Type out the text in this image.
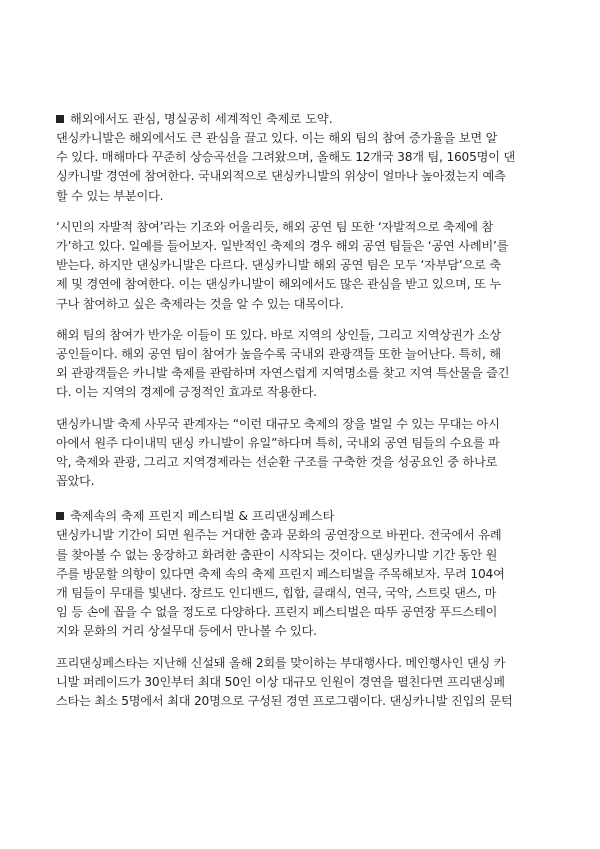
해외에서도 관심, 명실공히 세계적인 축제로 도약.
댄싱카니발은 해외에서도 큰 관심을 끌고 있다. 이는 해외 팀의 참여 증가율을 보면 알
수 있다. 매해마다 꾸준히 상승곡선을 그려왔으며, 올해도 12개국 38개 팀, 1605명이 댄
싱카니발 경연에 참여한다. 국내외적으로 댄싱카니발의 위상이 얼마나 높아졌는지 예측
할 수 있는 부분이다.
‘시민의 자발적 참여’라는 기조와 어울리듯, 해외 공연 팀 또한 ‘자발적으로 축제에 참
가’하고 있다. 일예를 들어보자. 일반적인 축제의 경우 해외 공연 팀들은 ‘공연 사례비’를
받는다. 하지만 댄싱카니발은 다르다. 댄싱카니발 해외 공연 팀은 모두 ‘자부담’으로 축
제 및 경연에 참여한다. 이는 댄싱카니발이 해외에서도 많은 관심을 받고 있으며, 또 누
구나 참여하고 싶은 축제라는 것을 알 수 있는 대목이다.
해외 팀의 참여가 반가운 이들이 또 있다. 바로 지역의 상인들, 그리고 지역상권가 소상
공인들이다. 해외 공연 팀이 참여가 높을수록 국내외 관광객들 또한 늘어난다. 특히, 해
외 관광객들은 카니발 축제를 관람하며 자연스럽게 지역명소를 찾고 지역 특산물을 즐긴
다. 이는 지역의 경제에 긍정적인 효과로 작용한다.
댄싱카니발 축제 사무국 관계자는 “이런 대규모 축제의 장을 벌일 수 있는 무대는 아시
아에서 원주 다이내믹 댄싱 카니발이 유일”하다며 특히, 국내외 공연 팀들의 수요를 파
악, 축제와 관광, 그리고 지역경제라는 선순환 구조를 구축한 것을 성공요인 중 하나로
꼽았다.
축제속의 축제 프린지 페스티벌 & 프리댄싱페스타
댄싱카니발 기간이 되면 원주는 거대한 춤과 문화의 공연장으로 바뀐다. 전국에서 유례
를 찾아볼 수 없는 웅장하고 화려한 춤판이 시작되는 것이다. 댄싱카니발 기간 동안 원
주를 방문할 의향이 있다면 축제 속의 축제 프린지 페스티벌을 주목해보자. 무려 104여
개 팀들이 무대를 빛낸다. 장르도 인디밴드, 힙합, 클래식, 연극, 국악, 스트릿 댄스, 마
임 등 손에 꼽을 수 없을 정도로 다양하다. 프린지 페스티벌은 따뚜 공연장 푸드스테이
지와 문화의 거리 상설무대 등에서 만나볼 수 있다.
프리댄싱페스타는 지난해 신설돼 올해 2회를 맞이하는 부대행사다. 메인행사인 댄싱 카
니발 퍼레이드가 30인부터 최대 50인 이상 대규모 인원이 경연을 펼친다면 프리댄싱페
스타는 최소 5명에서 최대 20명으로 구성된 경연 프로그램이다. 댄싱카니발 진입의 문턱
